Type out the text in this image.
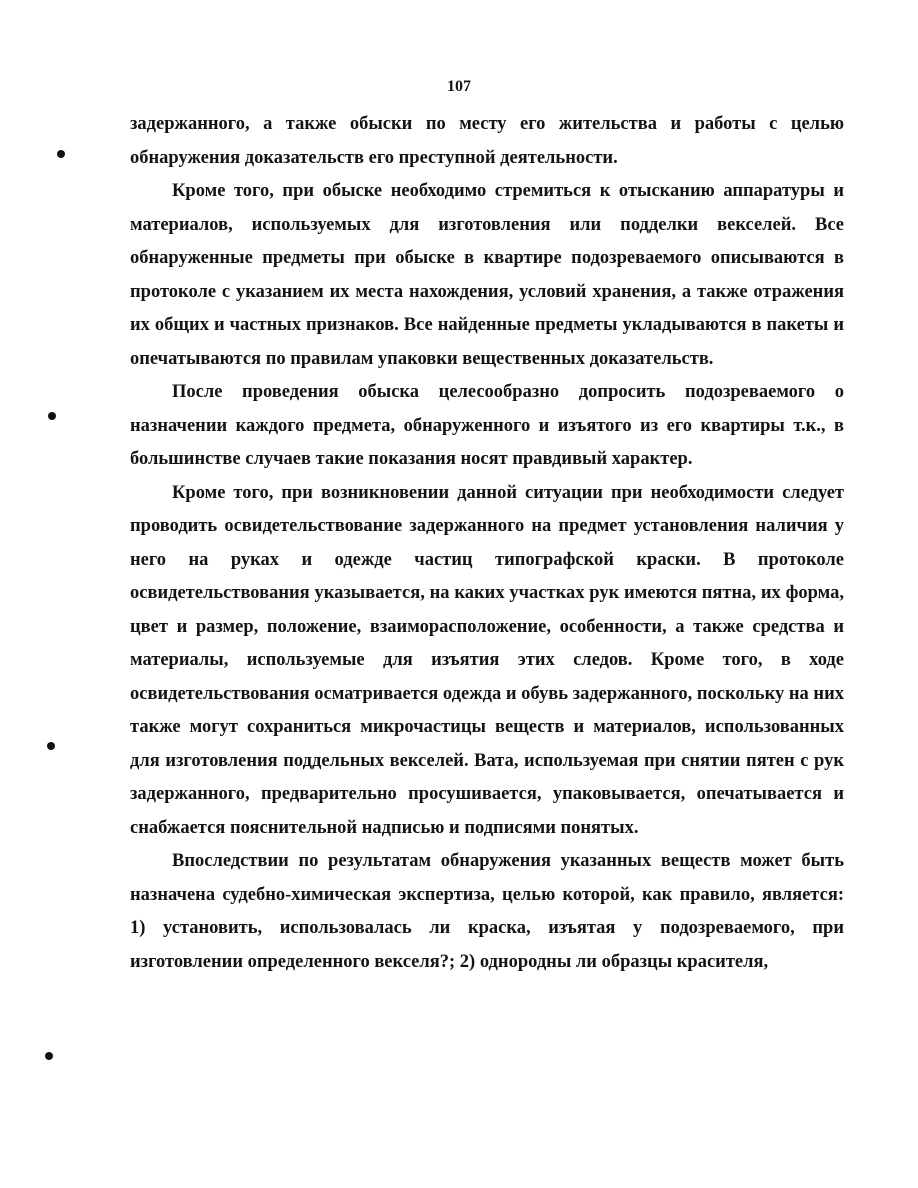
107

задержанного, а также обыски по месту его жительства и работы с целью обнаружения доказательств его преступной деятельности.

Кроме того, при обыске необходимо стремиться к отысканию аппаратуры и материалов, используемых для изготовления или подделки векселей. Все обнаруженные предметы при обыске в квартире подозреваемого описываются в протоколе с указанием их места нахождения, условий хранения, а также отражения их общих и частных признаков. Все найденные предметы укладываются в пакеты и опечатываются по правилам упаковки вещественных доказательств.

После проведения обыска целесообразно допросить подозреваемого о назначении каждого предмета, обнаруженного и изъятого из его квартиры т.к., в большинстве случаев такие показания носят правдивый характер.

Кроме того, при возникновении данной ситуации при необходимости следует проводить освидетельствование задержанного на предмет установления наличия у него на руках и одежде частиц типографской краски. В протоколе освидетельствования указывается, на каких участках рук имеются пятна, их форма, цвет и размер, положение, взаиморасположение, особенности, а также средства и материалы, используемые для изъятия этих следов. Кроме того, в ходе освидетельствования осматривается одежда и обувь задержанного, поскольку на них также могут сохраниться микрочастицы веществ и материалов, использованных для изготовления поддельных векселей. Вата, используемая при снятии пятен с рук задержанного, предварительно просушивается, упаковывается, опечатывается и снабжается пояснительной надписью и подписями понятых.

Впоследствии по результатам обнаружения указанных веществ может быть назначена судебно-химическая экспертиза, целью которой, как правило, является: 1) установить, использовалась ли краска, изъятая у подозреваемого, при изготовлении определенного векселя?; 2) однородны ли образцы красителя,
